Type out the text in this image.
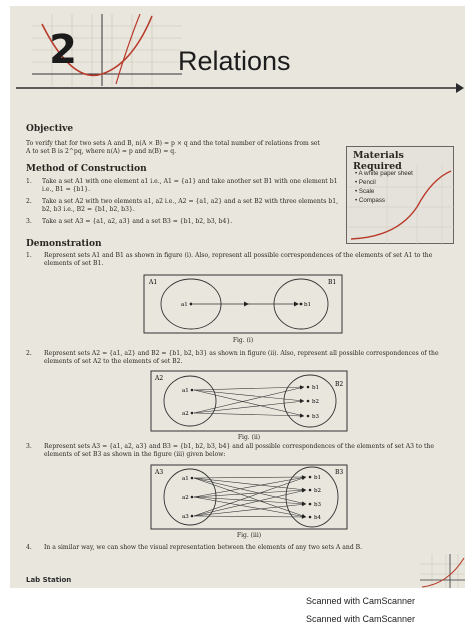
2	Relations
Objective
To verify that for two sets A and B, n(A × B) = p × q and the total number of relations from set A to set B is 2^pq, where n(A) = p and n(B) = q.	Materials Required
• A white paper sheet
• Pencil
• Scale
• Compass
Method of Construction
1. Take a set A1 with one element a1 i.e., A1 = {a1} and take another set B1 with one element b1 i.e., B1 = {b1}.
2. Take a set A2 with two elements a1, a2 i.e., A2 = {a1, a2} and a set B2 with three elements b1, b2, b3 i.e., B2 = {b1, b2, b3}.
3. Take a set A3 = {a1, a2, a3} and a set B3 = {b1, b2, b3, b4}.
Demonstration
1. Represent sets A1 and B1 as shown in figure (i). Also, represent all possible correspondences of the elements of set A1 to the elements of set B1.
A1	B1
a1	b1
Fig. (i)
2. Represent sets A2 = {a1, a2} and B2 = {b1, b2, b3} as shown in figure (ii). Also, represent all possible correspondences of the elements of set A2 to the elements of set B2.
A2
B2
a1
a2
b1
b2
b3
Fig. (ii)
3. Represent sets A3 = {a1, a2, a3} and B3 = {b1, b2, b3, b4} and all possible correspondences of the elements of set A3 to the elements of set B3 as shown in the figure (iii) given below:
A3	B3
a1
a2
a3
b1
b2
b3
b4
Fig. (iii)
4. In a similar way, we can show the visual representation between the elements of any two sets A and B.
Lab Station
Scanned with CamScanner
Scanned with CamScanner
